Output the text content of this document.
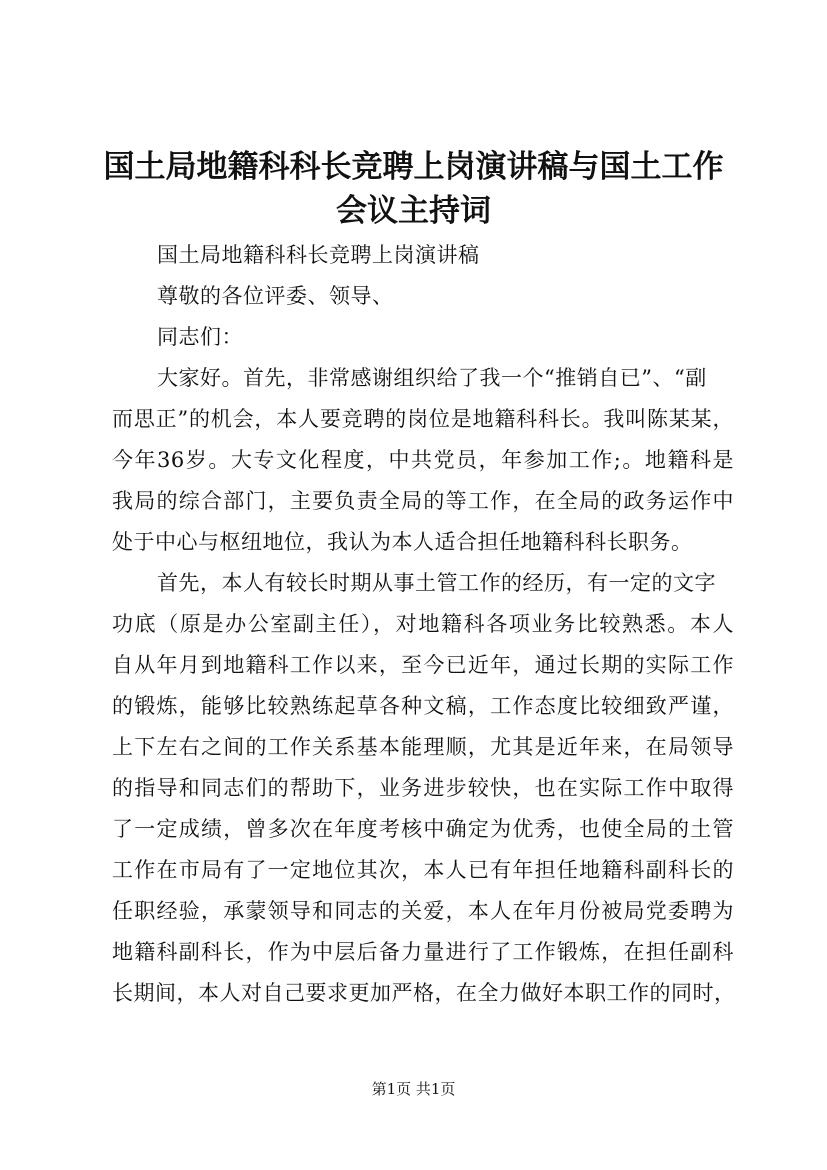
国土局地籍科科长竞聘上岗演讲稿与国土工作
会议主持词
国土局地籍科科长竞聘上岗演讲稿
尊敬的各位评委、领导、
同志们：
大家好。首先，非常感谢组织给了我一个“推销自已”、“副
而思正”的机会，本人要竞聘的岗位是地籍科科长。我叫陈某某，
今年36岁。大专文化程度，中共党员，年参加工作;。地籍科是
我局的综合部门，主要负责全局的等工作，在全局的政务运作中
处于中心与枢纽地位，我认为本人适合担任地籍科科长职务。
首先，本人有较长时期从事土管工作的经历，有一定的文字
功底（原是办公室副主任），对地籍科各项业务比较熟悉。本人
自从年月到地籍科工作以来，至今已近年，通过长期的实际工作
的锻炼，能够比较熟练起草各种文稿，工作态度比较细致严谨，
上下左右之间的工作关系基本能理顺，尤其是近年来，在局领导
的指导和同志们的帮助下，业务进步较快，也在实际工作中取得
了一定成绩，曾多次在年度考核中确定为优秀，也使全局的土管
工作在市局有了一定地位其次，本人已有年担任地籍科副科长的
任职经验，承蒙领导和同志的关爱，本人在年月份被局党委聘为
地籍科副科长，作为中层后备力量进行了工作锻炼，在担任副科
长期间，本人对自己要求更加严格，在全力做好本职工作的同时，
第1页 共1页
